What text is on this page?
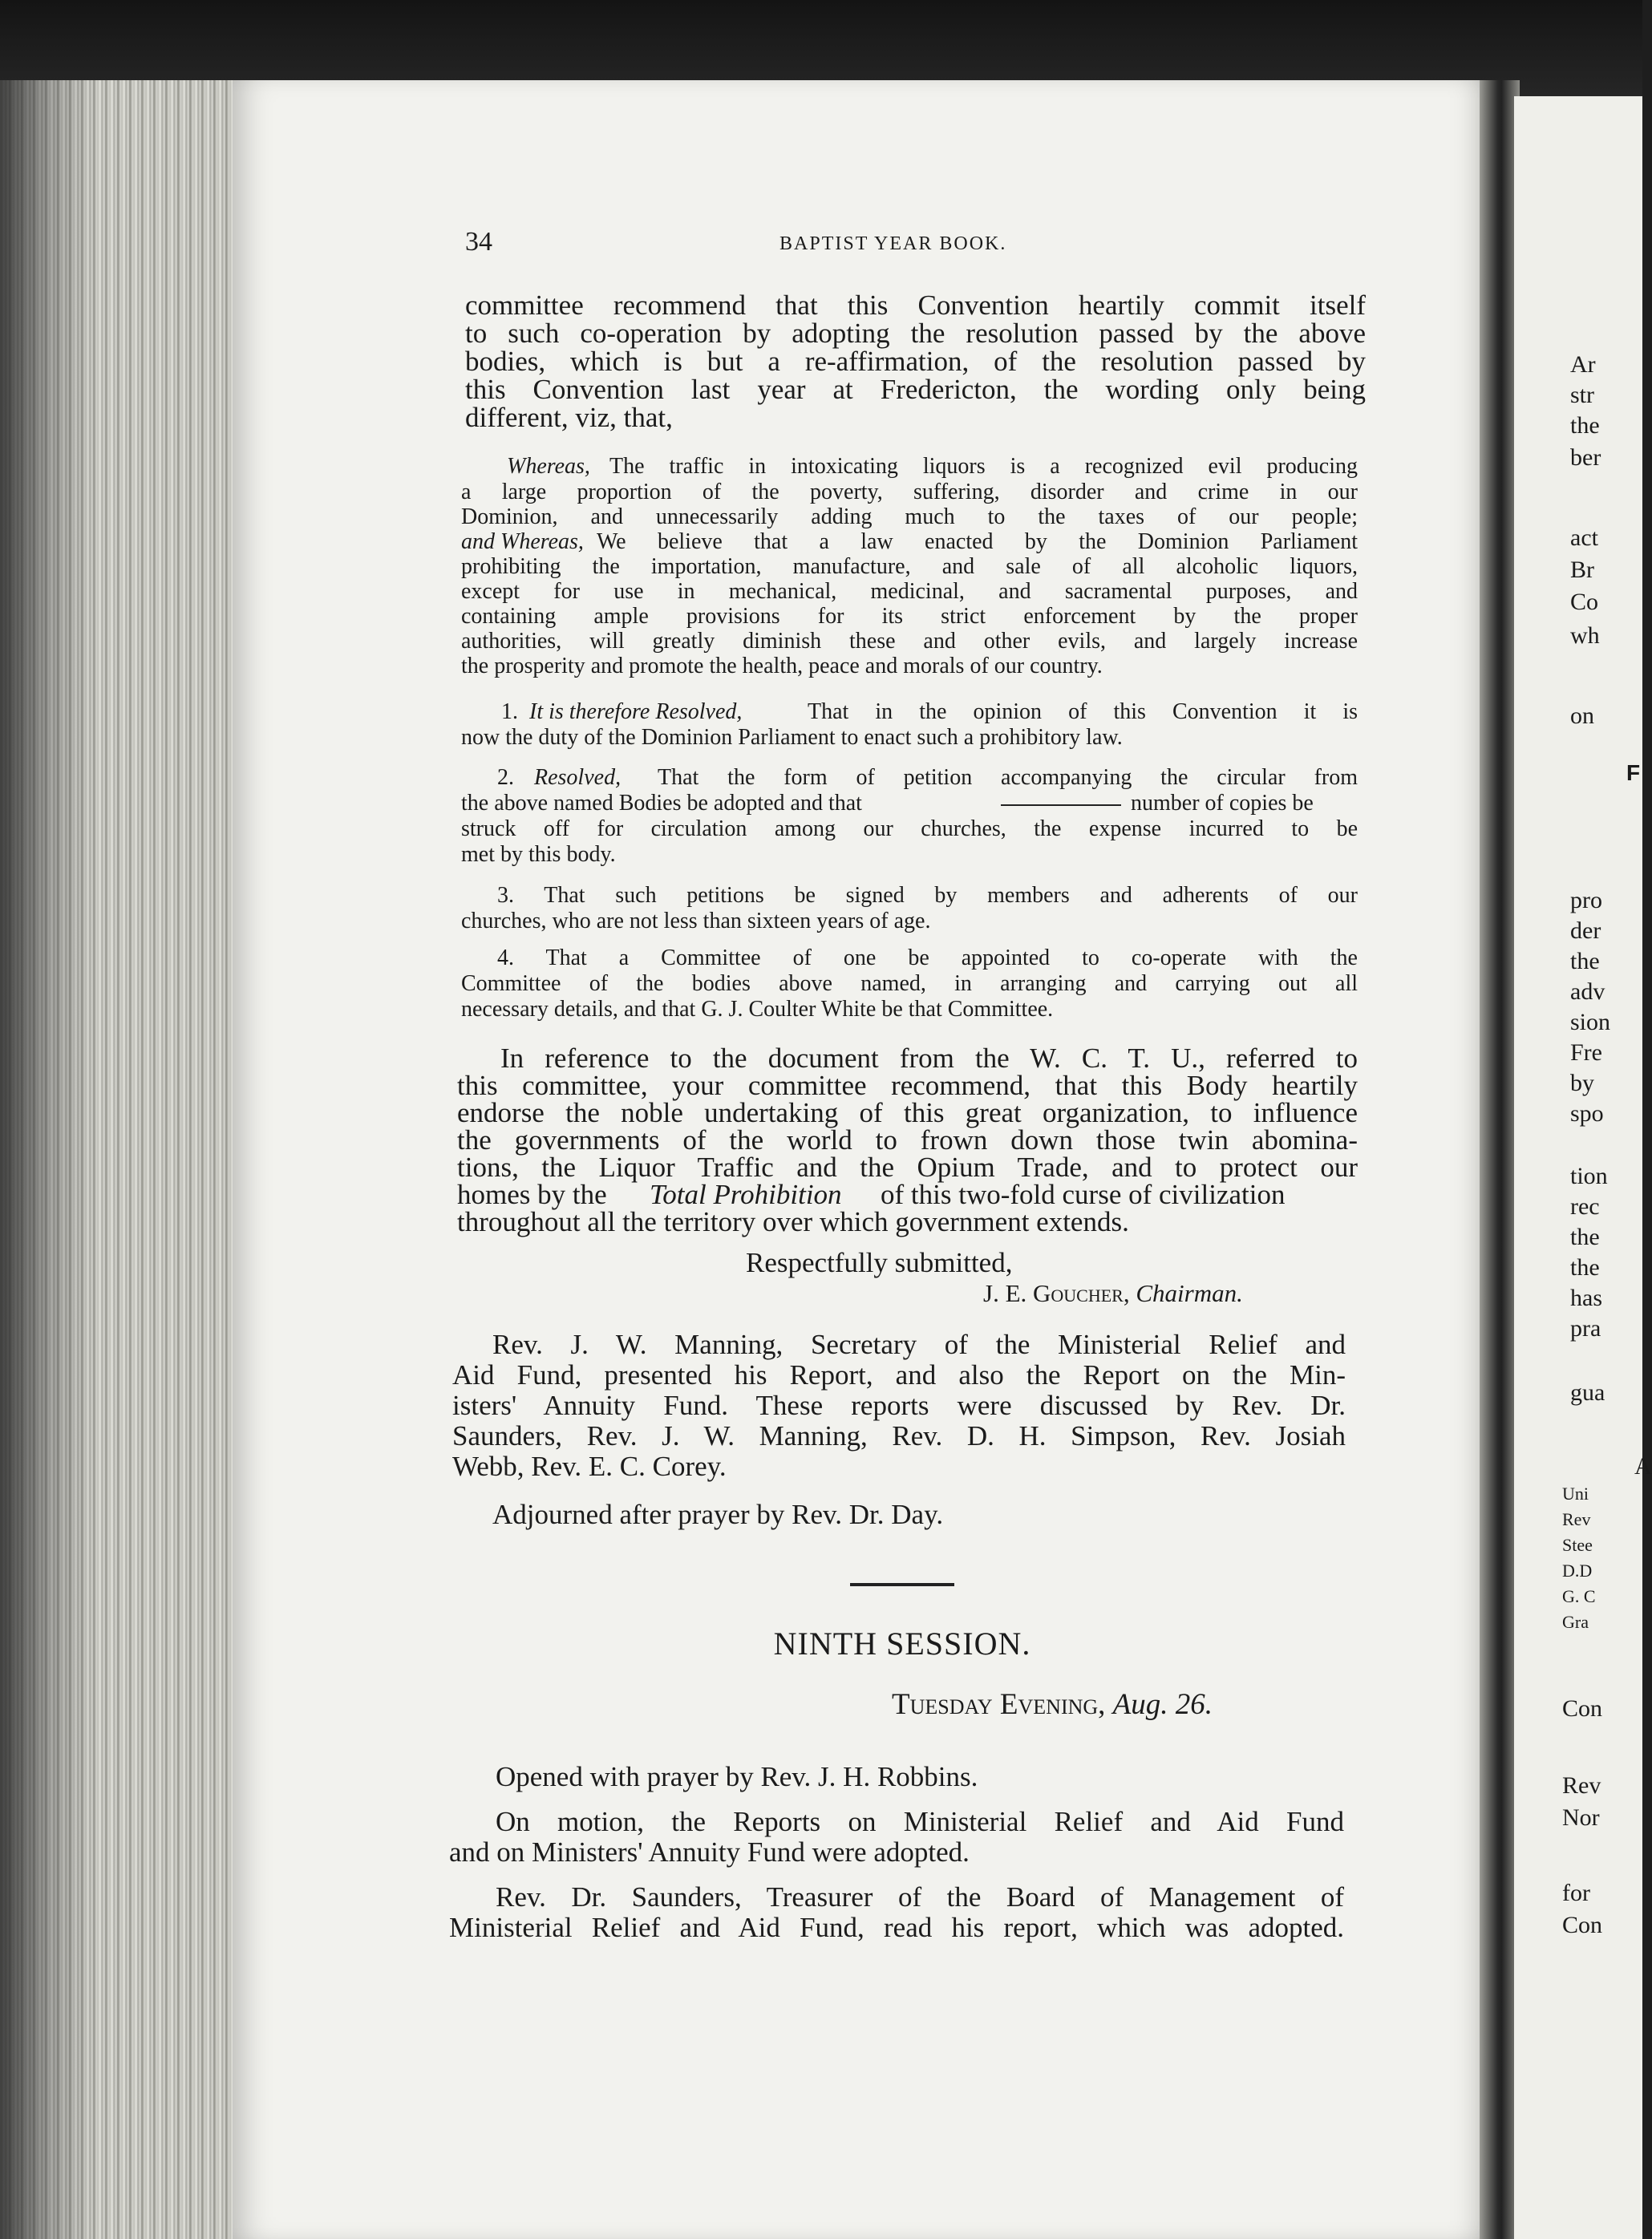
34	BAPTIST YEAR BOOK.
committee recommend that this Convention heartily commit itself
to such co-operation by adopting the resolution passed by the above
bodies, which is but a re-affirmation, of the resolution passed by
this Convention last year at Fredericton, the wording only being
different, viz, that,
Whereas, The traffic in intoxicating liquors is a recognized evil producing
a large proportion of the poverty, suffering, disorder and crime in our
Dominion, and unnecessarily adding much to the taxes of our people;
and Whereas, We believe that a law enacted by the Dominion Parliament
prohibiting the importation, manufacture, and sale of all alcoholic liquors,
except for use in mechanical, medicinal, and sacramental purposes, and
containing ample provisions for its strict enforcement by the proper
authorities, will greatly diminish these and other evils, and largely increase
the prosperity and promote the health, peace and morals of our country.
1. It is therefore Resolved,	That in the opinion of this Convention it is
now the duty of the Dominion Parliament to enact such a prohibitory law.
2. Resolved, That the form of petition accompanying the circular from
the above named Bodies be adopted and that	number of copies be
struck off for circulation among our churches, the expense incurred to be
met by this body.
3. That such petitions be signed by members and adherents of our
churches, who are not less than sixteen years of age.
4. That a Committee of one be appointed to co-operate with the
Committee of the bodies above named, in arranging and carrying out all
necessary details, and that G. J. Coulter White be that Committee.
In reference to the document from the W. C. T. U., referred to
this committee, your committee recommend, that this Body heartily
endorse the noble undertaking of this great organization, to influence
the governments of the world to frown down those twin abomina-
tions, the Liquor Traffic and the Opium Trade, and to protect our
homes by the Total Prohibition of this two-fold curse of civilization
throughout all the territory over which government extends.
Respectfully submitted,
J. E. Goucher, Chairman.
Rev. J. W. Manning, Secretary of the Ministerial Relief and
Aid Fund, presented his Report, and also the Report on the Min-
isters' Annuity Fund. These reports were discussed by Rev. Dr.
Saunders, Rev. J. W. Manning, Rev. D. H. Simpson, Rev. Josiah
Webb, Rev. E. C. Corey.
Adjourned after prayer by Rev. Dr. Day.
NINTH SESSION.
Tuesday Evening, Aug. 26.
Opened with prayer by Rev. J. H. Robbins.
On motion, the Reports on Ministerial Relief and Aid Fund
and on Ministers' Annuity Fund were adopted.
Rev. Dr. Saunders, Treasurer of the Board of Management of
Ministerial Relief and Aid Fund, read his report, which was adopted.
Ar
str
the
ber
act
Br
Co
wh
on
F
pro
der
the
adv
sion
Fre
by
spo
tion
rec
the
the
has
pra
gua
A
Uni
Rev
Stee
D.D
G. C
Gra
Con
Rev
Nor
for
Con
